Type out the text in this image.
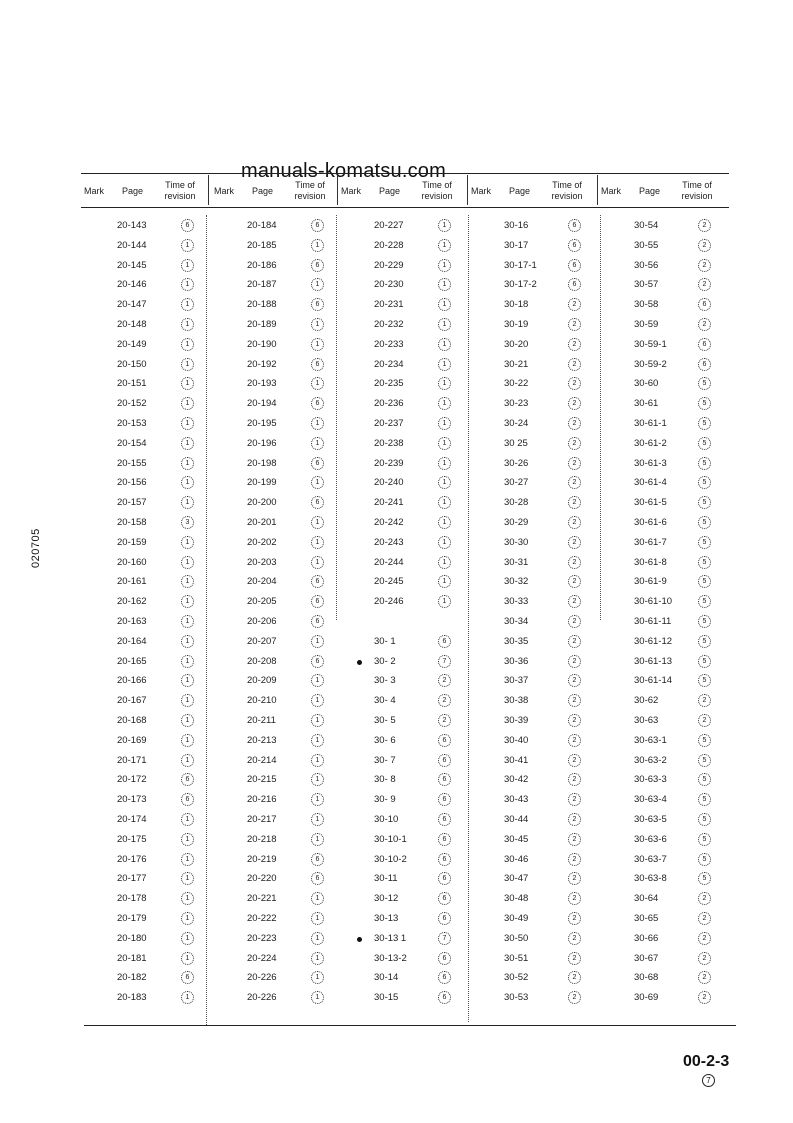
manuals-komatsu.com
020705
Mark Page
Time of revision
20-143	6
20-144	1
20-145	1
20-146	1
20-147	1
20-148	1
20-149	1
20-150	1
20-151	1
20-152	1
20-153	1
20-154	1
20-155	1
20-156	1
20-157	1
20-158	3
20-159	1
20-160	1
20-161	1
20-162	1
20-163	1
20-164	1
20-165	1
20-166	1
20-167	1
20-168	1
20-169	1
20-171	1
20-172	6
20-173	6
20-174	1
20-175	1
20-176	1
20-177	1
20-178	1
20-179	1
20-180	1
20-181	1
20-182	6
20-183	1
Mark Page
Time of revision
20-184	6
20-185	1
20-186	6
20-187	1
20-188	6
20-189	1
20-190	1
20-192	6
20-193	1
20-194	6
20-195	1
20-196	1
20-198	6
20-199	1
20-200	6
20-201	1
20-202	1
20-203	1
20-204	6
20-205	6
20-206	6
20-207	1
20-208	6
20-209	1
20-210	1
20-211	1
20-213	1
20-214	1
20-215	1
20-216	1
20-217	1
20-218	1
20-219	6
20-220	6
20-221	1
20-222	1
20-223	1
20-224	1
20-226	1
20-226	1
Mark Page
Time of revision
20-227	1
20-228	1
20-229	1
20-230	1
20-231	1
20-232	1
20-233	1
20-234	1
20-235	1
20-236	1
20-237	1
20-238	1
20-239	1
20-240	1
20-241	1
20-242	1
20-243	1
20-244	1
20-245	1
20-246	1
30- 1	6
30- 2	7
30- 3	2
30- 4	2
30- 5	2
30- 6	6
30- 7	6
30- 8	6
30- 9	6
30-10	6
30-10-1	6
30-10-2	6
30-11	6
30-12	6
30-13	6
30-13 1	7
30-13-2	6
30-14	6
30-15	6
Mark Page
Time of revision
30-16	6
30-17	6
30-17-1	6
30-17-2	6
30-18	2
30-19	2
30-20	2
30-21	2
30-22	2
30-23	2
30-24	2
30 25	2
30-26	2
30-27	2
30-28	2
30-29	2
30-30	2
30-31	2
30-32	2
30-33	2
30-34	2
30-35	2
30-36	2
30-37	2
30-38	2
30-39	2
30-40	2
30-41	2
30-42	2
30-43	2
30-44	2
30-45	2
30-46	2
30-47	2
30-48	2
30-49	2
30-50	2
30-51	2
30-52	2
30-53	2
Mark Page
Time of revision
30-54	2
30-55	2
30-56	2
30-57	2
30-58	6
30-59	2
30-59-1	6
30-59-2	6
30-60	5
30-61	5
30-61-1	5
30-61-2	5
30-61-3	5
30-61-4	5
30-61-5	5
30-61-6	5
30-61-7	5
30-61-8	5
30-61-9	5
30-61-10	5
30-61-11	5
30-61-12	5
30-61-13	5
30-61-14	5
30-62	2
30-63	2
30-63-1	5
30-63-2	5
30-63-3	5
30-63-4	5
30-63-5	5
30-63-6	5
30-63-7	5
30-63-8	5
30-64	2
30-65	2
30-66	2
30-67	2
30-68	2
30-69	2
00-2-3
7
